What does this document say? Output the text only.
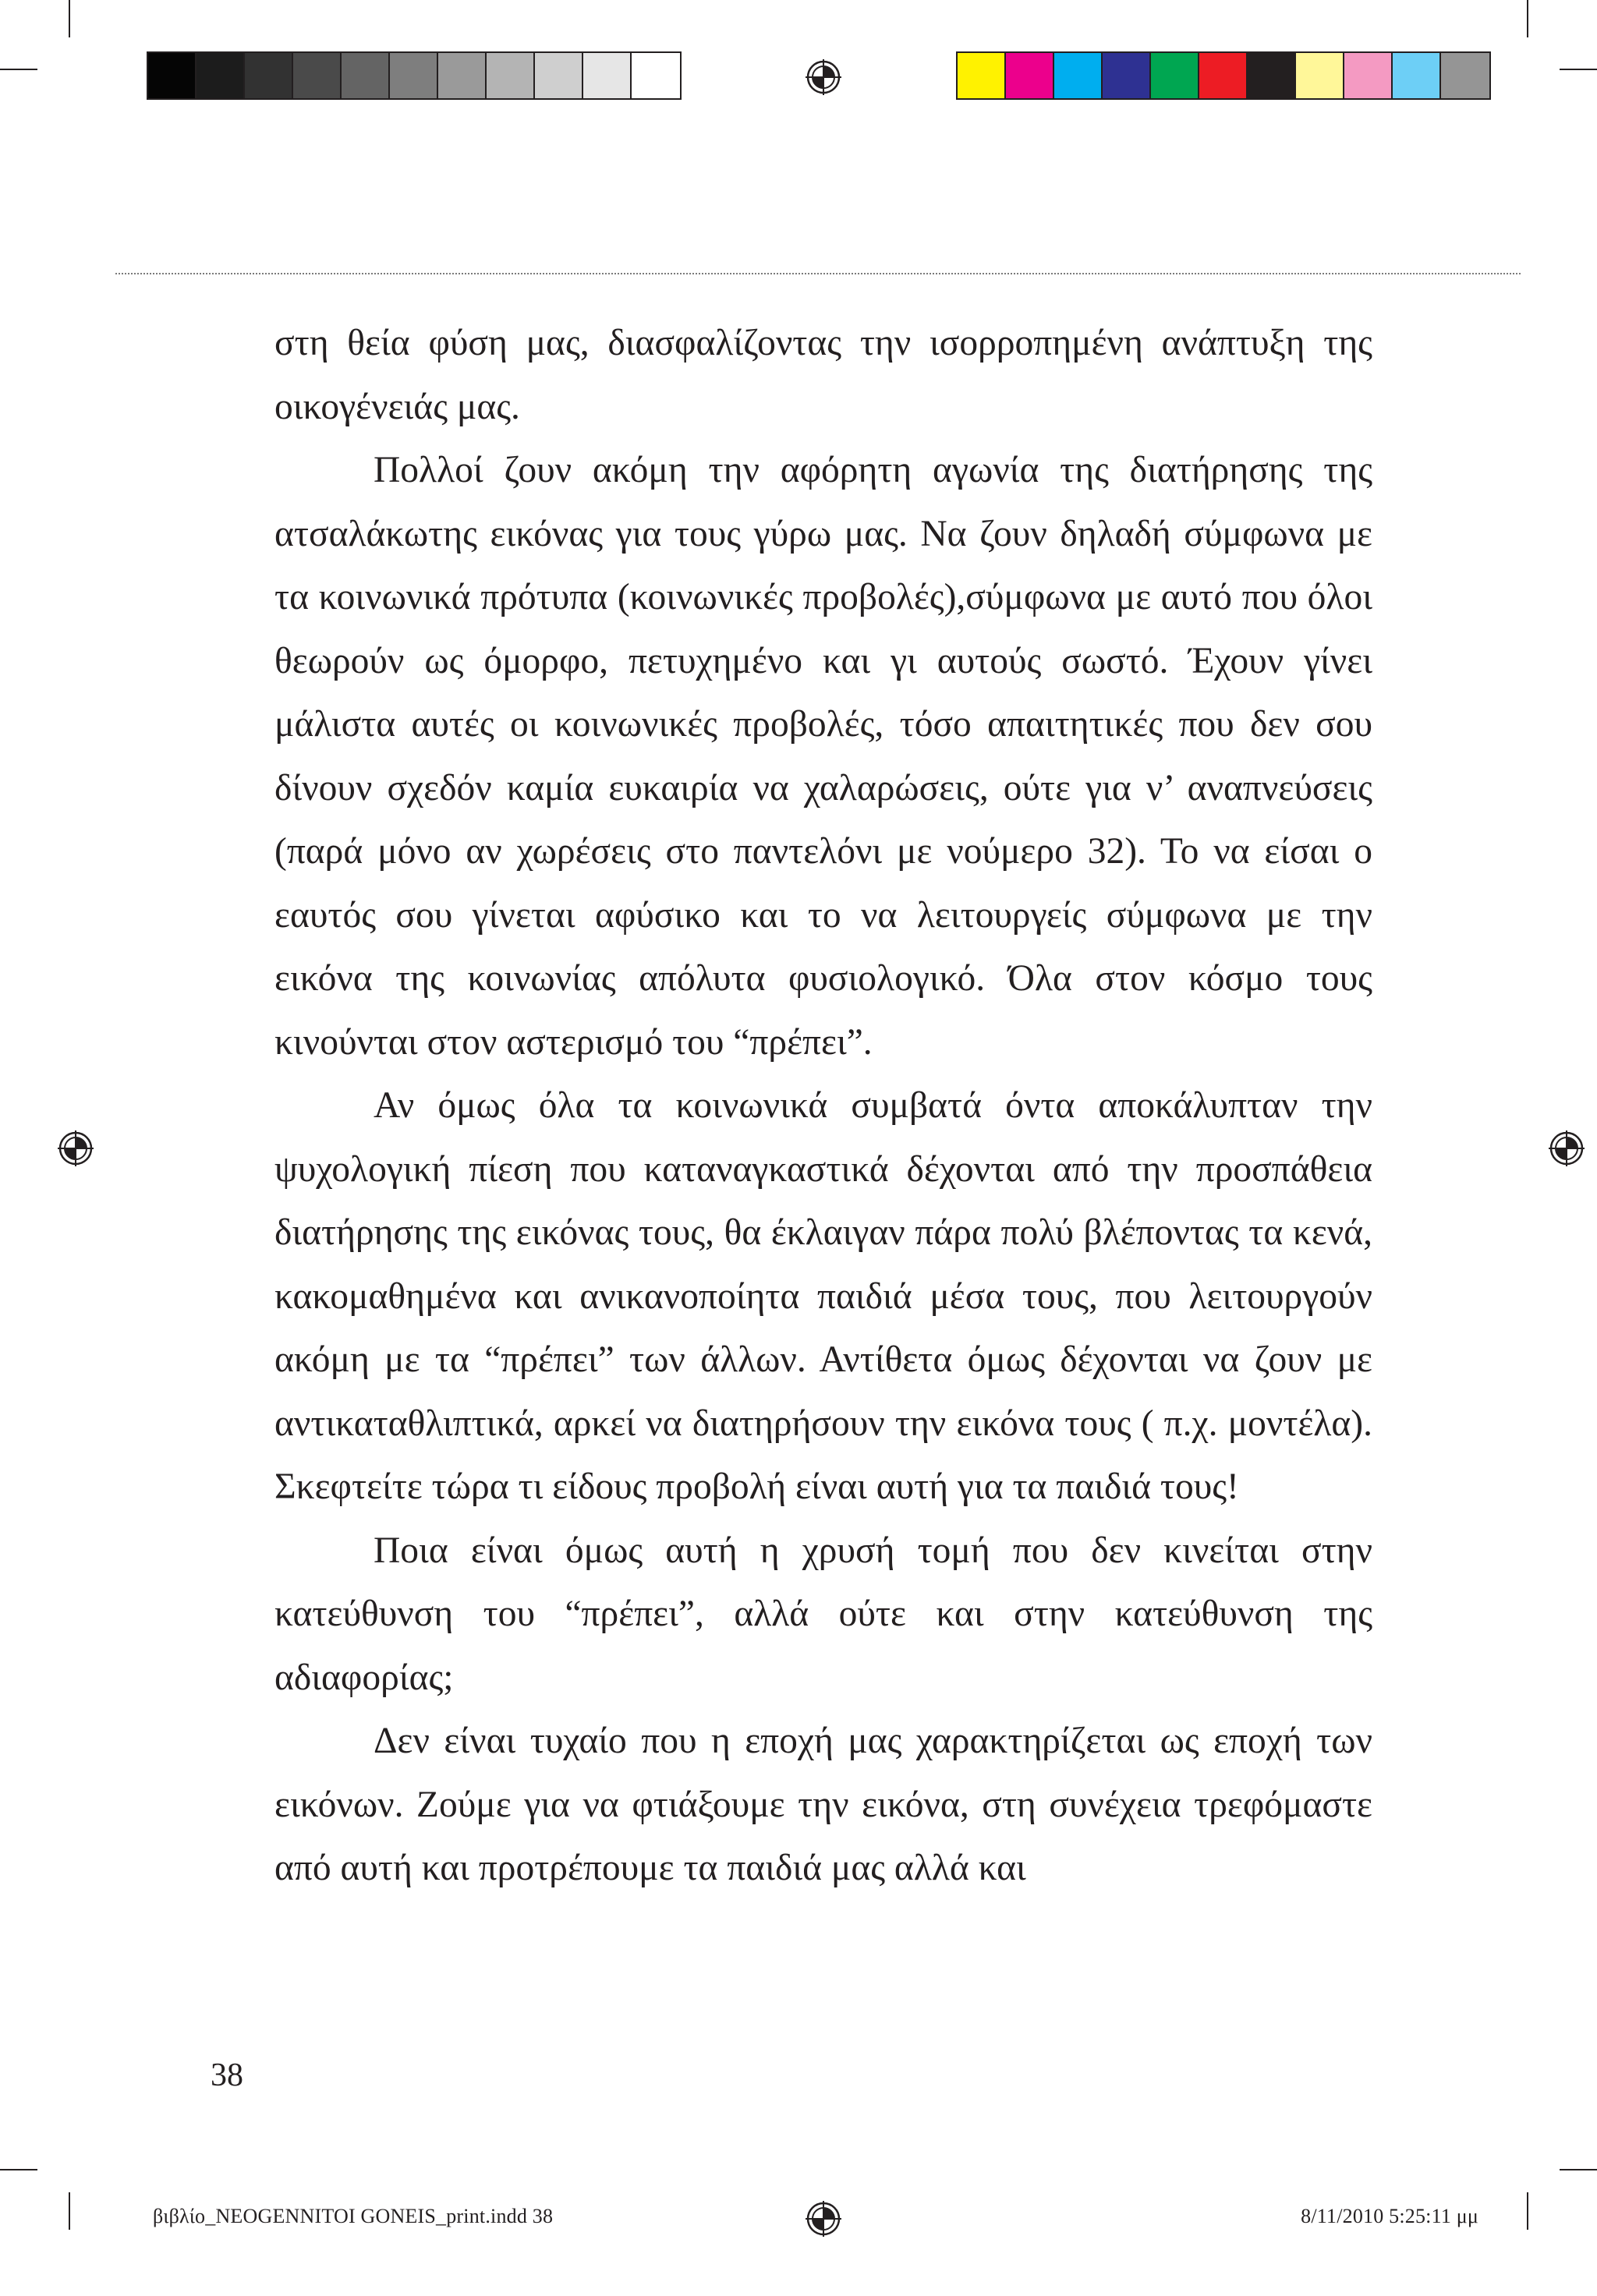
στη θεία φύση μας, διασφαλίζοντας την ισορροπημένη ανάπτυξη της οικογένειάς μας.

Πολλοί ζουν ακόμη την αφόρητη αγωνία της διατήρησης της ατσαλάκωτης εικόνας για τους γύρω μας. Να ζουν δηλαδή σύμφωνα με τα κοινωνικά πρότυπα (κοινωνικές προβολές),σύμφωνα με αυτό που όλοι θεωρούν ως όμορφο, πετυχημένο και γι αυτούς σωστό. Έχουν γίνει μάλιστα αυτές οι κοινωνικές προβολές, τόσο απαιτητικές που δεν σου δίνουν σχεδόν καμία ευκαιρία να χαλαρώσεις, ούτε για ν’ αναπνεύσεις (παρά μόνο αν χωρέσεις στο παντελόνι με νούμερο 32). Το να είσαι ο εαυτός σου γίνεται αφύσικο και το να λειτουργείς σύμφωνα με την εικόνα της κοινωνίας απόλυτα φυσιολογικό. Όλα στον κόσμο τους κινούνται στον αστερισμό του “πρέπει”.

Αν όμως όλα τα κοινωνικά συμβατά όντα αποκάλυπταν την ψυχολογική πίεση που καταναγκαστικά δέχονται από την προσπάθεια διατήρησης της εικόνας τους, θα έκλαιγαν πάρα πολύ βλέποντας τα κενά, κακομαθημένα και ανικανοποίητα παιδιά μέσα τους, που λειτουργούν ακόμη με τα “πρέπει” των άλλων. Αντίθετα όμως δέχονται να ζουν με αντικαταθλιπτικά, αρκεί να διατηρήσουν την εικόνα τους ( π.χ. μοντέλα). Σκεφτείτε τώρα τι είδους προβολή είναι αυτή για τα παιδιά τους!

Ποια είναι όμως αυτή η χρυσή τομή που δεν κινείται στην κατεύθυνση του “πρέπει”, αλλά ούτε και στην κατεύθυνση της αδιαφορίας;

Δεν είναι τυχαίο που η εποχή μας χαρακτηρίζεται ως εποχή των εικόνων. Ζούμε για να φτιάξουμε την εικόνα, στη συνέχεια τρεφόμαστε από αυτή και προτρέπουμε τα παιδιά μας αλλά και

38
βιβλίο_NEOGENNITOI GONEIS_print.indd 38	8/11/2010 5:25:11 μμ
